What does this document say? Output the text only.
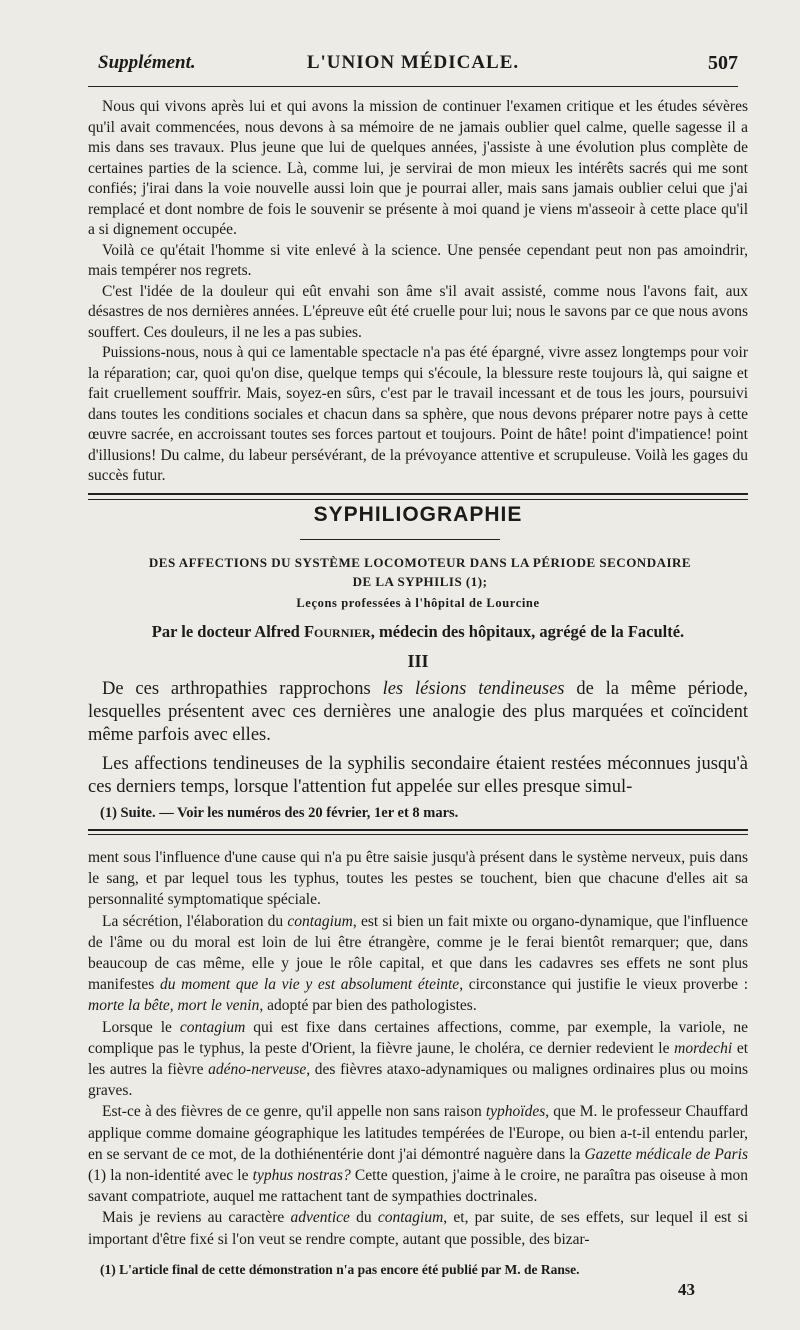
Supplément.	L'UNION MÉDICALE.	507

Nous qui vivons après lui et qui avons la mission de continuer l'examen critique et les études sévères qu'il avait commencées, nous devons à sa mémoire de ne jamais oublier quel calme, quelle sagesse il a mis dans ses travaux. Plus jeune que lui de quelques années, j'assiste à une évolution plus complète de certaines parties de la science. Là, comme lui, je servirai de mon mieux les intérêts sacrés qui me sont confiés; j'irai dans la voie nouvelle aussi loin que je pourrai aller, mais sans jamais oublier celui que j'ai remplacé et dont nombre de fois le souvenir se présente à moi quand je viens m'asseoir à cette place qu'il a si dignement occupée.

Voilà ce qu'était l'homme si vite enlevé à la science. Une pensée cependant peut non pas amoindrir, mais tempérer nos regrets.

C'est l'idée de la douleur qui eût envahi son âme s'il avait assisté, comme nous l'avons fait, aux désastres de nos dernières années. L'épreuve eût été cruelle pour lui; nous le savons par ce que nous avons souffert. Ces douleurs, il ne les a pas subies.

Puissions-nous, nous à qui ce lamentable spectacle n'a pas été épargné, vivre assez longtemps pour voir la réparation; car, quoi qu'on dise, quelque temps qui s'écoule, la blessure reste toujours là, qui saigne et fait cruellement souffrir. Mais, soyez-en sûrs, c'est par le travail incessant et de tous les jours, poursuivi dans toutes les conditions sociales et chacun dans sa sphère, que nous devons préparer notre pays à cette œuvre sacrée, en accroissant toutes ses forces partout et toujours. Point de hâte! point d'impatience! point d'illusions! Du calme, du labeur persévérant, de la prévoyance attentive et scrupuleuse. Voilà les gages du succès futur.

SYPHILIOGRAPHIE
DES AFFECTIONS DU SYSTÈME LOCOMOTEUR DANS LA PÉRIODE SECONDAIRE
DE LA SYPHILIS (1);
Leçons professées à l'hôpital de Lourcine
Par le docteur Alfred Fournier, médecin des hôpitaux, agrégé de la Faculté.
III

De ces arthropathies rapprochons les lésions tendineuses de la même période, lesquelles présentent avec ces dernières une analogie des plus marquées et coïncident même parfois avec elles.

Les affections tendineuses de la syphilis secondaire étaient restées méconnues jusqu'à ces derniers temps, lorsque l'attention fut appelée sur elles presque simul-

(1) Suite. — Voir les numéros des 20 février, 1er et 8 mars.

ment sous l'influence d'une cause qui n'a pu être saisie jusqu'à présent dans le système nerveux, puis dans le sang, et par lequel tous les typhus, toutes les pestes se touchent, bien que chacune d'elles ait sa personnalité symptomatique spéciale.

La sécrétion, l'élaboration du contagium, est si bien un fait mixte ou organo-dynamique, que l'influence de l'âme ou du moral est loin de lui être étrangère, comme je le ferai bientôt remarquer; que, dans beaucoup de cas même, elle y joue le rôle capital, et que dans les cadavres ses effets ne sont plus manifestes du moment que la vie y est absolument éteinte, circonstance qui justifie le vieux proverbe : morte la bête, mort le venin, adopté par bien des pathologistes.

Lorsque le contagium qui est fixe dans certaines affections, comme, par exemple, la variole, ne complique pas le typhus, la peste d'Orient, la fièvre jaune, le choléra, ce dernier redevient le mordechi et les autres la fièvre adéno-nerveuse, des fièvres ataxo-adynamiques ou malignes ordinaires plus ou moins graves.

Est-ce à des fièvres de ce genre, qu'il appelle non sans raison typhoïdes, que M. le professeur Chauffard applique comme domaine géographique les latitudes tempérées de l'Europe, ou bien a-t-il entendu parler, en se servant de ce mot, de la dothiénentérie dont j'ai démontré naguère dans la Gazette médicale de Paris (1) la non-identité avec le typhus nostras? Cette question, j'aime à le croire, ne paraîtra pas oiseuse à mon savant compatriote, auquel me rattachent tant de sympathies doctrinales.

Mais je reviens au caractère adventice du contagium, et, par suite, de ses effets, sur lequel il est si important d'être fixé si l'on veut se rendre compte, autant que possible, des bizar-

(1) L'article final de cette démonstration n'a pas encore été publié par M. de Ranse.
43
